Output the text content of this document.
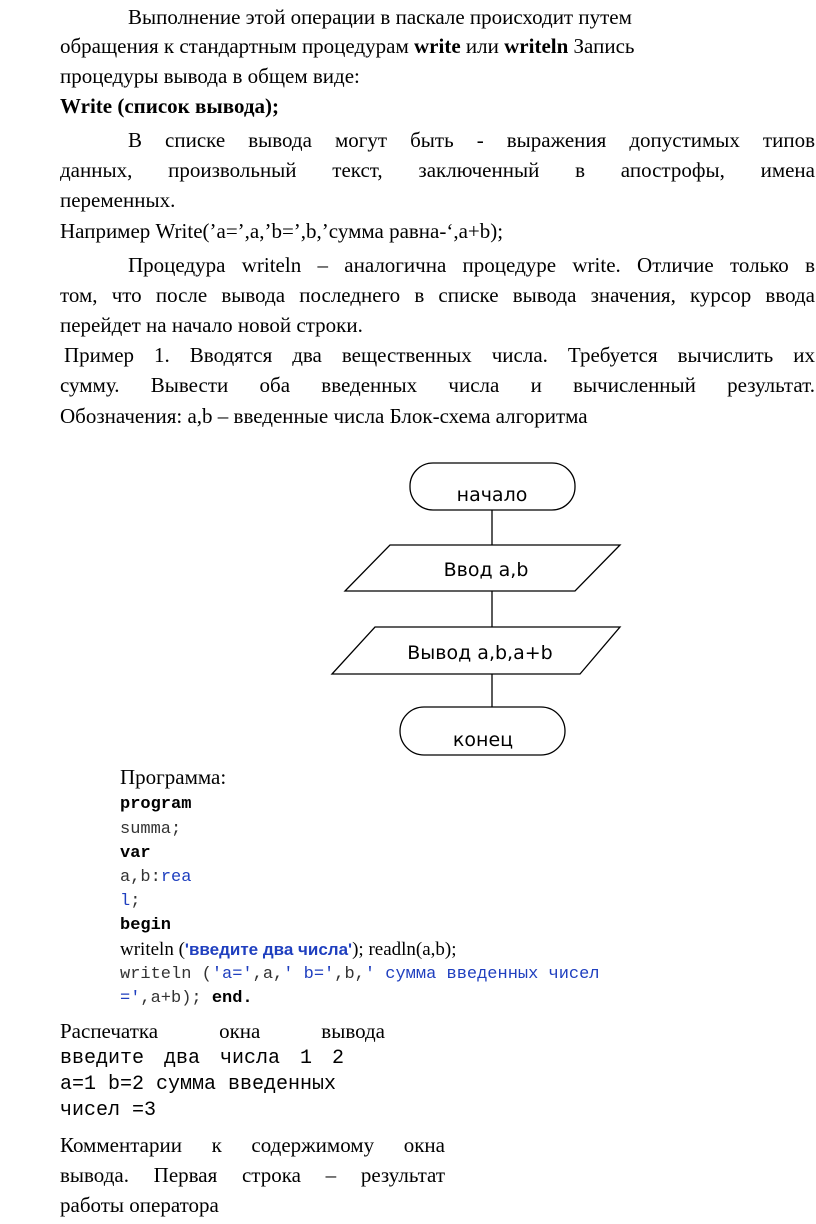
Выполнение этой операции в паскале происходит путем
обращения к стандартным процедурам write или writeln Запись
процедуры вывода в общем виде:
Write (список вывода);
В списке вывода могут быть - выражения допустимых типов
данных, произвольный текст, заключенный в апострофы, имена
переменных.
Например Write(’a=’,a,’b=’,b,’сумма равна-‘,a+b);
Процедура writeln – аналогична процедуре write. Отличие только в
том, что после вывода последнего в списке вывода значения, курсор ввода
перейдет на начало новой строки.
Пример 1. Вводятся два вещественных числа. Требуется вычислить их
сумму. Вывести оба введенных числа и вычисленный результат.
Обозначения: a,b – введенные числа Блок-схема алгоритма
начало
Ввод a,b
Вывод a,b,a+b
конец
Программа:
program
summa;
var
a,b:rea
l;
begin
writeln ('введите два числа'); readln(a,b);
writeln ('a=',a,' b=',b,' сумма введенных чисел
=',a+b); end.
Распечатка	окна	вывода
введите два числа 1 2
a=1 b=2 сумма введенных
чисел =3
Комментарии к содержимому окна
вывода. Первая строка – результат
работы оператора
